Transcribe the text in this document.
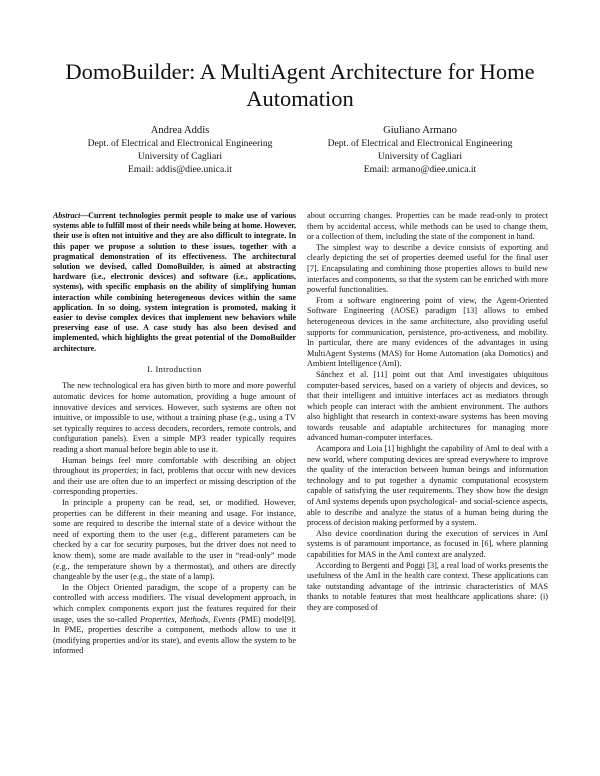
DomoBuilder: A MultiAgent Architecture for Home Automation
Andrea Addis
Dept. of Electrical and Electronical Engineering
University of Cagliari
Email: addis@diee.unica.it
Giuliano Armano
Dept. of Electrical and Electronical Engineering
University of Cagliari
Email: armano@diee.unica.it

Abstract—Current technologies permit people to make use of various systems able to fulfill most of their needs while being at home. However, their use is often not intuitive and they are also difficult to integrate. In this paper we propose a solution to these issues, together with a pragmatical demonstration of its effectiveness. The architectural solution we devised, called DomoBuilder, is aimed at abstracting hardware (i.e., electronic devices) and software (i.e., applications, systems), with specific emphasis on the ability of simplifying human interaction while combining heterogeneous devices within the same application. In so doing, system integration is promoted, making it easier to devise complex devices that implement new behaviors while preserving ease of use. A case study has also been devised and implemented, which highlights the great potential of the DomoBuilder architecture.

I. Introduction

The new technological era has given birth to more and more powerful automatic devices for home automation, providing a huge amount of innovative devices and services. However, such systems are often not intuitive, or impossible to use, without a training phase (e.g., using a TV set typically requires to access decoders, recorders, remote controls, and configuration panels). Even a simple MP3 reader typically requires reading a short manual before begin able to use it.

Human beings feel more comfortable with describing an object throughout its properties; in fact, problems that occur with new devices and their use are often due to an imperfect or missing description of the corresponding properties.

In principle a property can be read, set, or modified. However, properties can be different in their meaning and usage. For instance, some are required to describe the internal state of a device without the need of exporting them to the user (e.g., different parameters can be checked by a car for security purposes, but the driver does not need to know them), some are made available to the user in “read-only” mode (e.g., the temperature shown by a thermostat), and others are directly changeable by the user (e.g., the state of a lamp).

In the Object Oriented paradigm, the scope of a property can be controlled with access modifiers. The visual development approach, in which complex components export just the features required for their usage, uses the so-called Properties, Methods, Events (PME) model[9]. In PME, properties describe a component, methods allow to use it (modifying properties and/or its state), and events allow the system to be informed

about occurring changes. Properties can be made read-only to protect them by accidental access, while methods can be used to change them, or a collection of them, including the state of the component in hand.

The simplest way to describe a device consists of exporting and clearly depicting the set of properties deemed useful for the final user [7]. Encapsulating and combining those properties allows to build new interfaces and components, so that the system can be enriched with more powerful functionalities.

From a software engineering point of view, the Agent-Oriented Software Engineering (AOSE) paradigm [13] allows to embed heterogeneous devices in the same architecture, also providing useful supports for communication, persistence, pro-activeness, and mobility. In particular, there are many evidences of the advantages in using MultiAgent Systems (MAS) for Home Automation (aka Domotics) and Ambient Intelligence (AmI).

Sánchez et al. [11] point out that AmI investigates ubiquitous computer-based services, based on a variety of objects and devices, so that their intelligent and intuitive interfaces act as mediators through which people can interact with the ambient environment. The authors also highlight that research in context-aware systems has been moving towards reusable and adaptable architectures for managing more advanced human-computer interfaces.

Acampora and Loia [1] highlight the capability of AmI to deal with a new world, where computing devices are spread everywhere to improve the quality of the interaction between human beings and information technology and to put together a dynamic computational ecosystem capable of satisfying the user requirements. They show how the design of AmI systems depends upon psychological- and social-science aspects, able to describe and analyze the status of a human being during the process of decision making performed by a system.

Also device coordination during the execution of services in AmI systems is of paramount importance, as focused in [6], where planning capabilities for MAS in the AmI context are analyzed.

According to Bergenti and Poggi [3], a real load of works presents the usefulness of the AmI in the health care context. These applications can take outstanding advantage of the intrinsic characteristics of MAS thanks to notable features that most healthcare applications share: (i) they are composed of
